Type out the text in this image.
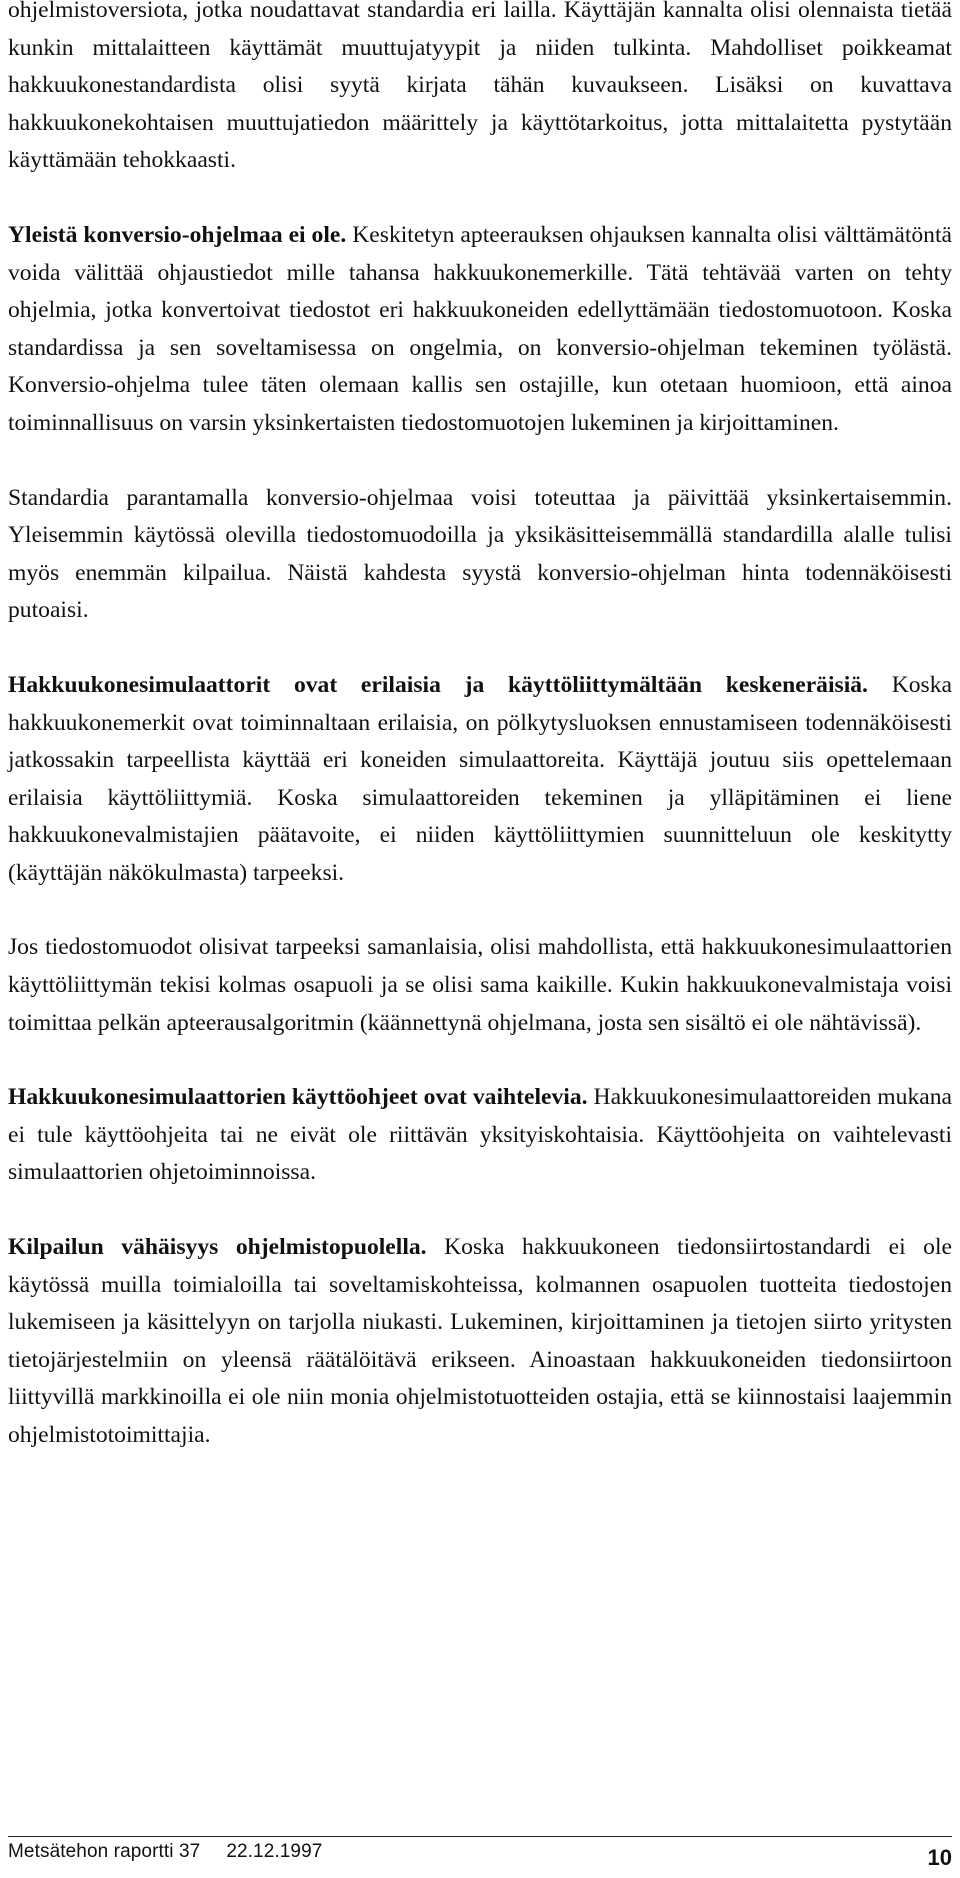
ohjelmistoversiota, jotka noudattavat standardia eri lailla. Käyttäjän kannalta olisi olennaista tietää kunkin mittalaitteen käyttämät muuttujatyypit ja niiden tulkinta. Mahdolliset poikkeamat hakkuukonestandardista olisi syytä kirjata tähän kuvaukseen. Lisäksi on kuvattava hakkuukonekohtaisen muuttujatiedon määrittely ja käyttötarkoitus, jotta mittalaitetta pystytään käyttämään tehokkaasti.

Yleistä konversio-ohjelmaa ei ole. Keskitetyn apteerauksen ohjauksen kannalta olisi välttämätöntä voida välittää ohjaustiedot mille tahansa hakkuukonemerkille. Tätä tehtävää varten on tehty ohjelmia, jotka konvertoivat tiedostot eri hakkuukoneiden edellyttämään tiedostomuotoon. Koska standardissa ja sen soveltamisessa on ongelmia, on konversio-ohjelman tekeminen työlästä. Konversio-ohjelma tulee täten olemaan kallis sen ostajille, kun otetaan huomioon, että ainoa toiminnallisuus on varsin yksinkertaisten tiedostomuotojen lukeminen ja kirjoittaminen.

Standardia parantamalla konversio-ohjelmaa voisi toteuttaa ja päivittää yksinkertaisemmin. Yleisemmin käytössä olevilla tiedostomuodoilla ja yksikäsitteisemmällä standardilla alalle tulisi myös enemmän kilpailua. Näistä kahdesta syystä konversio-ohjelman hinta todennäköisesti putoaisi.

Hakkuukonesimulaattorit ovat erilaisia ja käyttöliittymältään keskeneräisiä. Koska hakkuukonemerkit ovat toiminnaltaan erilaisia, on pölkytysluoksen ennustamiseen todennäköisesti jatkossakin tarpeellista käyttää eri koneiden simulaattoreita. Käyttäjä joutuu siis opettelemaan erilaisia käyttöliittymiä. Koska simulaattoreiden tekeminen ja ylläpitäminen ei liene hakkuukonevalmistajien päätavoite, ei niiden käyttöliittymien suunnitteluun ole keskitytty (käyttäjän näkökulmasta) tarpeeksi.

Jos tiedostomuodot olisivat tarpeeksi samanlaisia, olisi mahdollista, että hakkuukonesimulaattorien käyttöliittymän tekisi kolmas osapuoli ja se olisi sama kaikille. Kukin hakkuukonevalmistaja voisi toimittaa pelkän apteerausalgoritmin (käännettynä ohjelmana, josta sen sisältö ei ole nähtävissä).

Hakkuukonesimulaattorien käyttöohjeet ovat vaihtelevia. Hakkuukonesimulaattoreiden mukana ei tule käyttöohjeita tai ne eivät ole riittävän yksityiskohtaisia. Käyttöohjeita on vaihtelevasti simulaattorien ohjetoiminnoissa.

Kilpailun vähäisyys ohjelmistopuolella. Koska hakkuukoneen tiedonsiirtostandardi ei ole käytössä muilla toimialoilla tai soveltamiskohteissa, kolmannen osapuolen tuotteita tiedostojen lukemiseen ja käsittelyyn on tarjolla niukasti. Lukeminen, kirjoittaminen ja tietojen siirto yritysten tietojärjestelmiin on yleensä räätälöitävä erikseen. Ainoastaan hakkuukoneiden tiedonsiirtoon liittyvillä markkinoilla ei ole niin monia ohjelmistotuotteiden ostajia, että se kiinnostaisi laajemmin ohjelmistotoimittajia.

Metsätehon raportti 37 22.12.1997	10
